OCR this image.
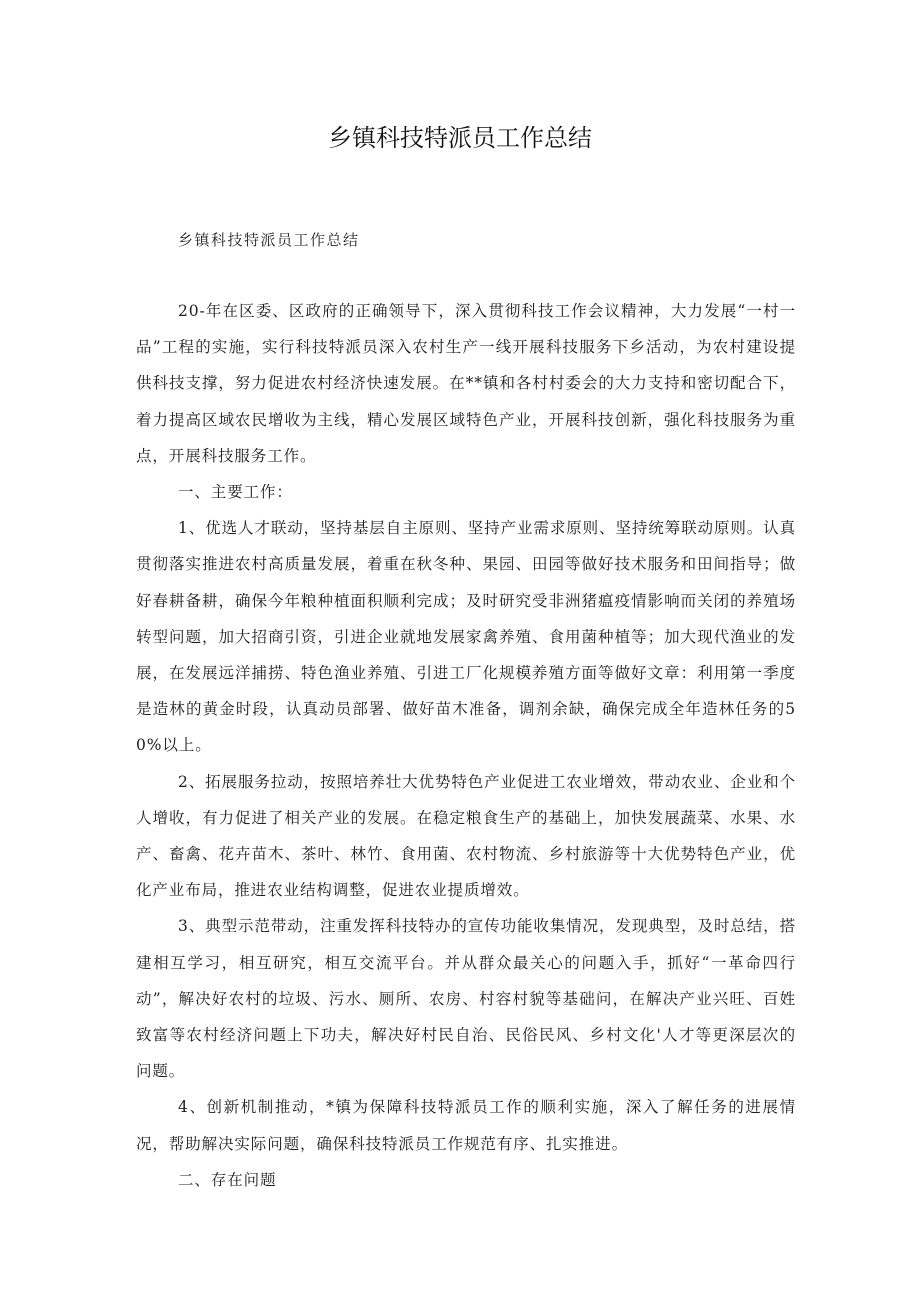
乡镇科技特派员工作总结
乡镇科技特派员工作总结

20-年在区委、区政府的正确领导下，深入贯彻科技工作会议精神，大力发展“一村一品”工程的实施，实行科技特派员深入农村生产一线开展科技服务下乡活动，为农村建设提供科技支撑，努力促进农村经济快速发展。在**镇和各村村委会的大力支持和密切配合下，着力提高区域农民增收为主线，精心发展区域特色产业，开展科技创新，强化科技服务为重点，开展科技服务工作。

一、主要工作：

1、优选人才联动，坚持基层自主原则、坚持产业需求原则、坚持统筹联动原则。认真贯彻落实推进农村高质量发展，着重在秋冬种、果园、田园等做好技术服务和田间指导；做好春耕备耕，确保今年粮种植面积顺利完成；及时研究受非洲猪瘟疫情影响而关闭的养殖场转型问题，加大招商引资，引进企业就地发展家禽养殖、食用菌种植等；加大现代渔业的发展，在发展远洋捕捞、特色渔业养殖、引进工厂化规模养殖方面等做好文章：利用第一季度是造林的黄金时段，认真动员部署、做好苗木准备，调剂余缺，确保完成全年造林任务的50%以上。

2、拓展服务拉动，按照培养壮大优势特色产业促进工农业增效，带动农业、企业和个人增收，有力促进了相关产业的发展。在稳定粮食生产的基础上，加快发展蔬菜、水果、水产、畜禽、花卉苗木、茶叶、林竹、食用菌、农村物流、乡村旅游等十大优势特色产业，优化产业布局，推进农业结构调整，促进农业提质增效。

3、典型示范带动，注重发挥科技特办的宣传功能收集情况，发现典型，及时总结，搭建相互学习，相互研究，相互交流平台。并从群众最关心的问题入手，抓好“一革命四行动”，解决好农村的垃圾、污水、厕所、农房、村容村貌等基础问，在解决产业兴旺、百姓致富等农村经济问题上下功夫，解决好村民自治、民俗民风、乡村文化'人才等更深层次的问题。

4、创新机制推动，*镇为保障科技特派员工作的顺利实施，深入了解任务的进展情况，帮助解决实际问题，确保科技特派员工作规范有序、扎实推进。

二、存在问题
